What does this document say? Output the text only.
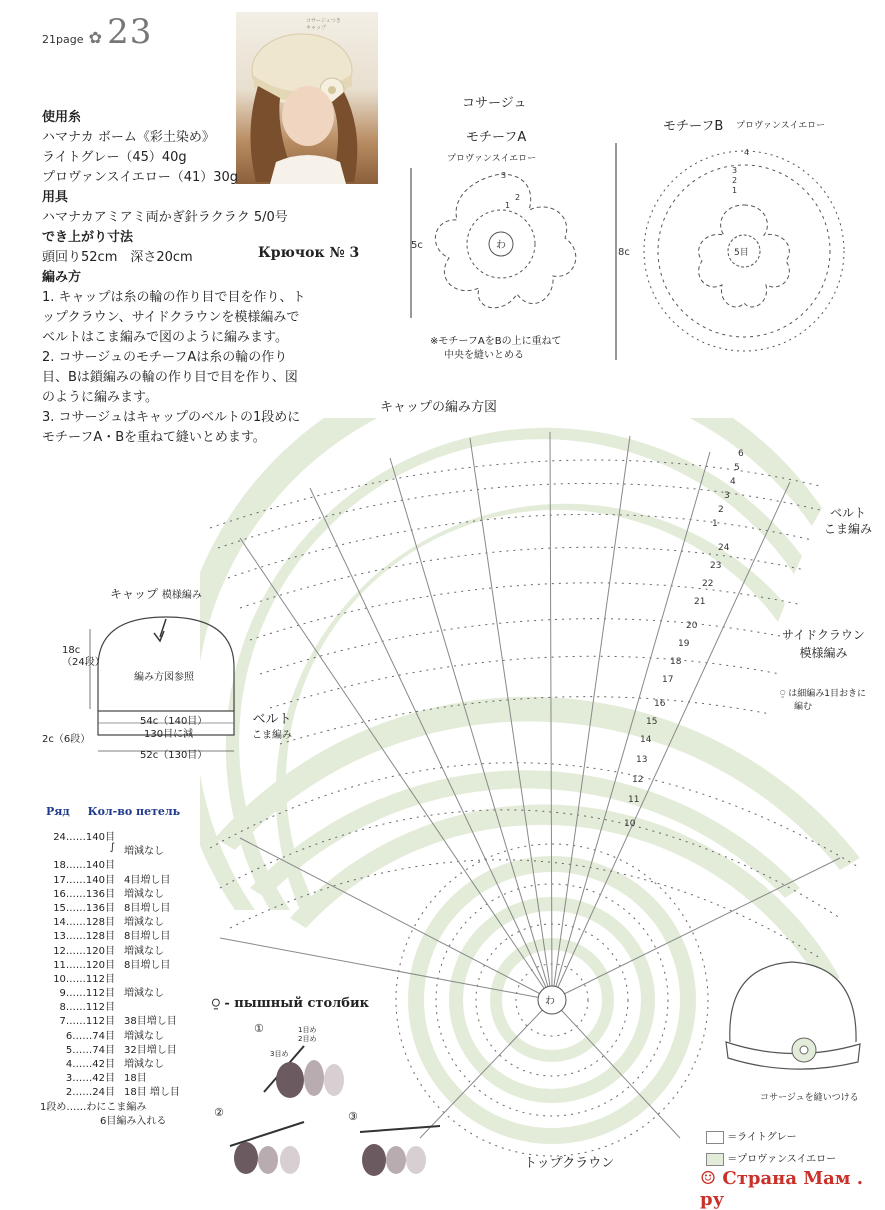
21page ✿ 23	コサージュつき
キャップ
使用糸
ハマナカ ボーム《彩土染め》
ライトグレー（45）40g
プロヴァンスイエロー（41）30g
用具
ハマナカアミアミ両かぎ針ラクラク 5/0号
でき上がり寸法
頭回り52cm　深さ20cm
編み方
1. キャップは糸の輪の作り目で目を作り、ト
ップクラウン、サイドクラウンを模様編みで
ベルトはこま編みで図のように編みます。
2. コサージュのモチーフAは糸の輪の作り
目、Bは鎖編みの輪の作り目で目を作り、図
のように編みます。
3. コサージュはキャップのベルトの1段めに
モチーフA・Bを重ねて縫いとめます。
Крючок № 3
コサージュ
モチーフA
プロヴァンスイエロー
モチーフB プロヴァンスイエロー
5c	わ
1
2
3
※モチーフAをBの上に重ねて
中央を縫いとめる
8c	5目
1
2
3
4
キャップの編み方図
わ
6
5
4
3
2
1
24
23
22
21
20
19
18
17
16
15
14
13
12
11
10
ベルト
こま編み
サイドクラウン
模様編み
⍜ は細編み1目おきに
編む
キャップ 模様編み
18c
（24段）
編み方図参照
54c（140目）
130目に減
2c（6段）
ベルト
こま編み
52c（130目）
Ряд Кол-во петель
24……140目
∫ 増減なし
18……140目
17……140目 4目増し目
16……136目 増減なし
15……136目 8目増し目
14……128目 増減なし
13……128目 8目増し目
12……120目 増減なし
11……120目 8目増し目
10……112目
9……112目 増減なし
8……112目
7……112目 38目増し目
6……74目 増減なし
5……74目 32目増し目
4……42目 増減なし
3……42目 18目
2……24目 18目 増し目
1段め……わにこま編み
6目編み入れる
⍜ - пышный столбик
①
②	③
1目め
2目め
3目め
トップクラウン
コサージュを縫いつける
＝ライトグレー
＝プロヴァンスイエロー
☺ Страна Мам . ру
